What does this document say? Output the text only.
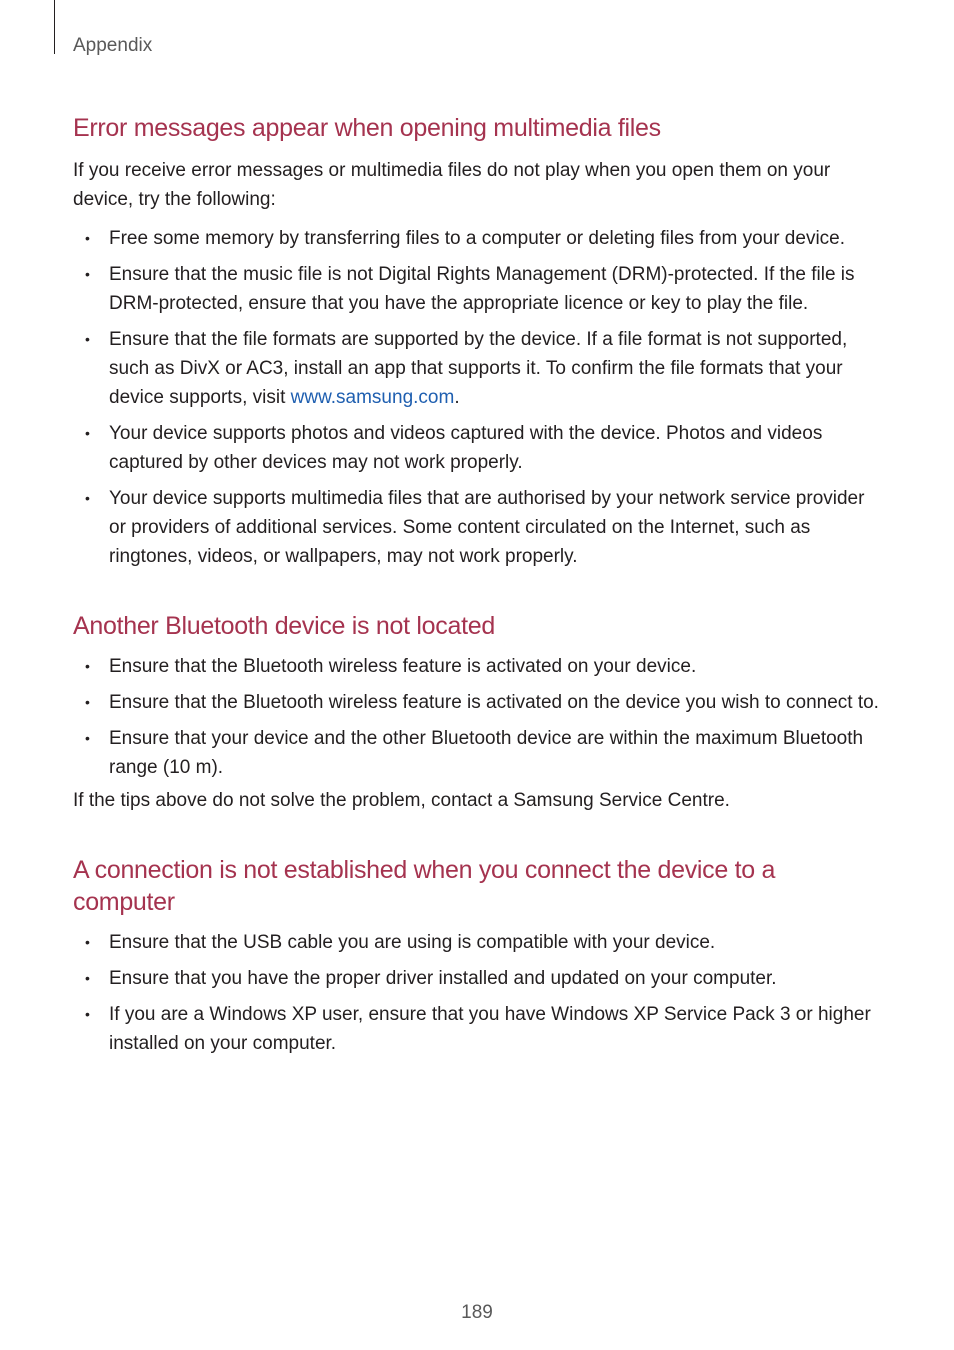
Appendix
Error messages appear when opening multimedia files

If you receive error messages or multimedia files do not play when you open them on your device, try the following:

• Free some memory by transferring files to a computer or deleting files from your device.
• Ensure that the music file is not Digital Rights Management (DRM)-protected. If the file is DRM-protected, ensure that you have the appropriate licence or key to play the file.
• Ensure that the file formats are supported by the device. If a file format is not supported, such as DivX or AC3, install an app that supports it. To confirm the file formats that your device supports, visit www.samsung.com.
• Your device supports photos and videos captured with the device. Photos and videos captured by other devices may not work properly.
• Your device supports multimedia files that are authorised by your network service provider or providers of additional services. Some content circulated on the Internet, such as ringtones, videos, or wallpapers, may not work properly.
Another Bluetooth device is not located
• Ensure that the Bluetooth wireless feature is activated on your device.
• Ensure that the Bluetooth wireless feature is activated on the device you wish to connect to.
• Ensure that your device and the other Bluetooth device are within the maximum Bluetooth range (10 m).

If the tips above do not solve the problem, contact a Samsung Service Centre.

A connection is not established when you connect the device to a computer
• Ensure that the USB cable you are using is compatible with your device.
• Ensure that you have the proper driver installed and updated on your computer.
• If you are a Windows XP user, ensure that you have Windows XP Service Pack 3 or higher installed on your computer.
189
